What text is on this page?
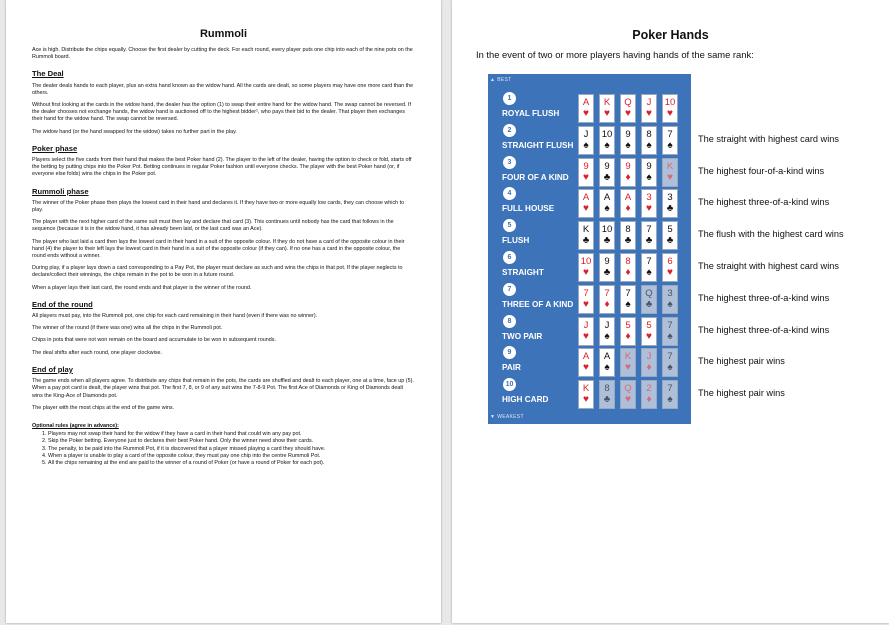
Rummoli

Ace is high. Distribute the chips equally. Choose the first dealer by cutting the deck. For each round, every player puts one chip into each of the nine pots on the Rummoli board.

The Deal

The dealer deals hands to each player, plus an extra hand known as the widow hand. All the cards are dealt, so some players may have one more card than the others.

Without first looking at the cards in the widow hand, the dealer has the option (1) to swap their entire hand for the widow hand. The swap cannot be reversed. If the dealer chooses not exchange hands, the widow hand is auctioned off to the highest bidder¹, who pays their bid to the dealer. That player then exchanges their hand for the widow hand. The swap cannot be reversed.

The widow hand (or the hand swapped for the widow) takes no further part in the play.

Poker phase

Players select the five cards from their hand that makes the best Poker hand (2). The player to the left of the dealer, having the option to check or fold, starts off the betting by putting chips into the Poker Pot. Betting continues in regular Poker fashion until everyone checks. The player with the best Poker hand (or, if everyone else folds) wins the chips in the Poker pot.

Rummoli phase

The winner of the Poker phase then plays the lowest card in their hand and declares it. If they have two or more equally low cards, they can choose which to play.

The player with the next higher card of the same suit must then lay and declare that card (3). This continues until nobody has the card that follows in the sequence (because it is in the widow hand, it has already been laid, or the last card was an Ace).

The player who last laid a card then lays the lowest card in their hand in a suit of the opposite colour. If they do not have a card of the opposite colour in their hand (4) the player to their left lays the lowest card in their hand in a suit of the opposite colour (if they can). If no one has a card in the opposite colour, the round ends without a winner.

During play, if a player lays down a card corresponding to a Pay Pot, the player must declare as such and wins the chips in that pot. If the player neglects to declare/collect their winnings, the chips remain in the pot to be won in a future round.

When a player lays their last card, the round ends and that player is the winner of the round.

End of the round

All players must pay, into the Rummoli pot, one chip for each card remaining in their hand (even if there was no winner).

The winner of the round (if there was one) wins all the chips in the Rummoli pot.

Chips in pots that were not won remain on the board and accumulate to be won in subsequent rounds.

The deal shifts after each round, one player clockwise.

End of play

The game ends when all players agree. To distribute any chips that remain in the pots, the cards are shuffled and dealt to each player, one at a time, face up (5). When a pay pot card is dealt, the player wins that pot. The first 7, 8, or 9 of any suit wins the 7-8-9 Pot. The first Ace of Diamonds or King of Diamonds dealt wins the King-Ace of Diamonds pot.

The player with the most chips at the end of the game wins.

Optional rules (agree in advance):
1. Players may not swap their hand for the widow if they have a card in their hand that could win any pay pot.
2. Skip the Poker betting. Everyone just to declares their best Poker hand. Only the winner need show their cards.
3. The penalty, to be paid into the Rummoli Pot, if it is discovered that a player missed playing a card they should have.
4. When a player is unable to play a card of the opposite colour, they must pay one chip into the centre Rummoli Pot.
5. All the chips remaining at the end are paid to the winner of a round of Poker (or have a round of Poker for each pot).
Poker Hands
In the event of two or more players having hands of the same rank:
▲ BEST
▼ WEAKEST
1
ROYAL FLUSH
A
♥
K
♥
Q
♥
J
♥
10
♥
2
STRAIGHT FLUSH
J
♠
10
♠
9
♠
8
♠
7
♠
3
FOUR OF A KIND
9
♥
9
♣
9
♦
9
♠
K
♥
4
FULL HOUSE
A
♥
A
♠
A
♦
3
♥
3
♣
5
FLUSH
K
♣
10
♣
8
♣
7
♣
5
♣
6
STRAIGHT
10
♥
9
♣
8
♦
7
♠
6
♥
7
THREE OF A KIND
7
♥
7
♦
7
♠
Q
♣
3
♠
8
TWO PAIR
J
♥
J
♠
5
♦
5
♥
7
♠
9
PAIR
A
♥
A
♠
K
♥
J
♦
7
♠
10
HIGH CARD
K
♥
8
♣
Q
♥
2
♦
7
♠
The straight with highest card wins
The highest four-of-a-kind wins
The highest three-of-a-kind wins
The flush with the highest card wins
The straight with highest card wins
The highest three-of-a-kind wins
The highest three-of-a-kind wins
The highest pair wins
The highest pair wins
